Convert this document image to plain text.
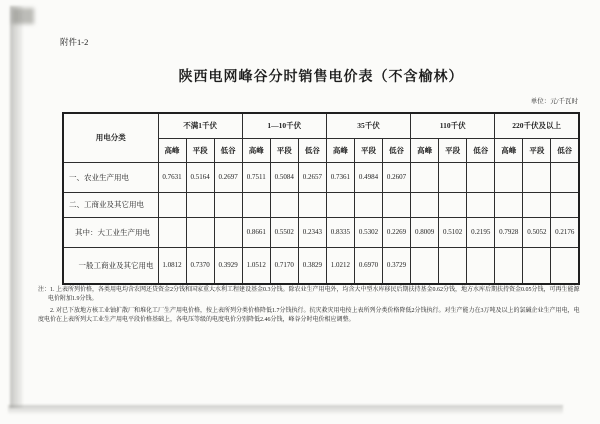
附件1-2
陕西电网峰谷分时销售电价表（不含榆林）
单位：元/千瓦时
用电分类	不满1千伏			1—10千伏			35千伏			110千伏			220千伏及以上		
	高峰	平段	低谷	高峰	平段	低谷	高峰	平段	低谷	高峰	平段	低谷	高峰	平段	低谷
一、农业生产用电	0.7631	0.5164	0.2697	0.7511	0.5084	0.2657	0.7361	0.4984	0.2607						
二、工商业及其它用电															
其中：大工业生产用电				0.8661	0.5502	0.2343	0.8335	0.5302	0.2269	0.8009	0.5102	0.2195	0.7928	0.5052	0.2176
一般工商业及其它用电	1.0812	0.7370	0.3929	1.0512	0.7170	0.3829	1.0212	0.6970	0.3729						

注：1. 上表所列价格，各类用电均含农网还贷资金2分钱和国家重大水利工程建设基金0.3分钱。除农业生产用电外，均含大中型水库移民后期扶持基金0.62分钱，地方水库后期扶持资金0.05分钱，可再生能源电价附加1.9分钱。

2. 对已下放地方核工业铀扩散厂和堆化工厂生产用电价格，按上表所列分类价格降低1.7分钱执行。抗灾救灾用电按上表所列分类价格降低2分钱执行。对生产能力在3万吨及以上的氯碱企业生产用电，电度电价在上表所列大工业生产用电平段价格基础上，各电压等级的电度电价分别降低2.46分钱，峰谷分时电价相应调整。
